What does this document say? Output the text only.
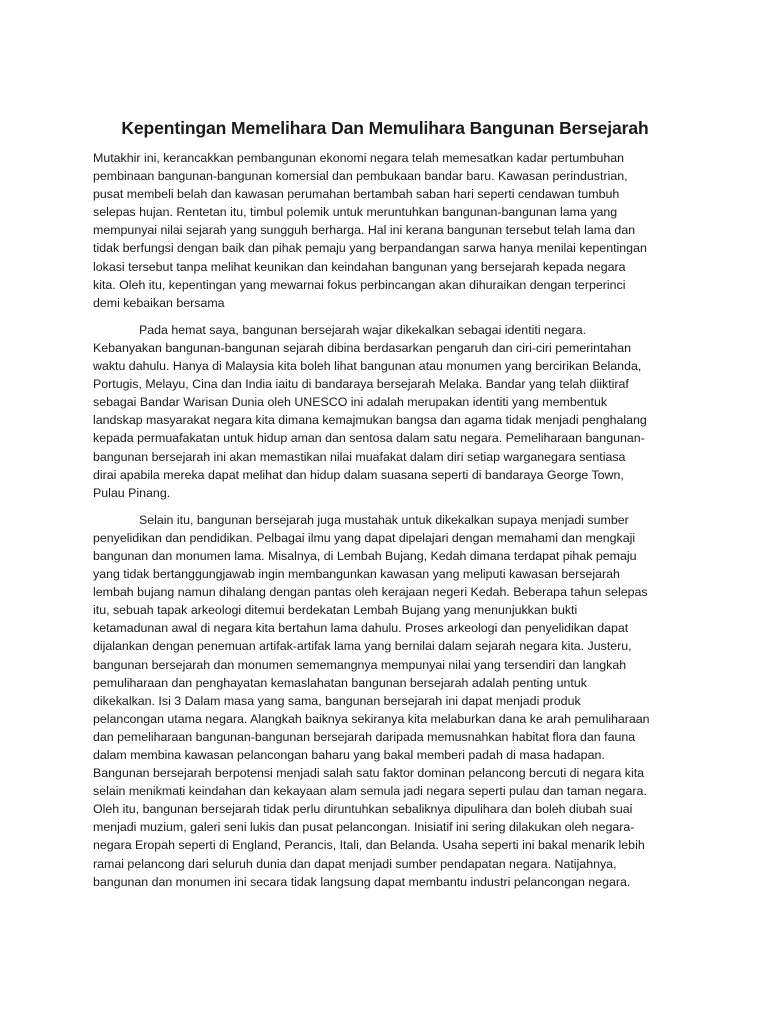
Kepentingan Memelihara Dan Memulihara Bangunan Bersejarah
Mutakhir ini, kerancakkan pembangunan ekonomi negara telah memesatkan kadar pertumbuhan
pembinaan bangunan-bangunan komersial dan pembukaan bandar baru. Kawasan perindustrian,
pusat membeli belah dan kawasan perumahan bertambah saban hari seperti cendawan tumbuh
selepas hujan. Rentetan itu, timbul polemik untuk meruntuhkan bangunan-bangunan lama yang
mempunyai nilai sejarah yang sungguh berharga. Hal ini kerana bangunan tersebut telah lama dan
tidak berfungsi dengan baik dan pihak pemaju yang berpandangan sarwa hanya menilai kepentingan
lokasi tersebut tanpa melihat keunikan dan keindahan bangunan yang bersejarah kepada negara
kita. Oleh itu, kepentingan yang mewarnai fokus perbincangan akan dihuraikan dengan terperinci
demi kebaikan bersama
Pada hemat saya, bangunan bersejarah wajar dikekalkan sebagai identiti negara.
Kebanyakan bangunan-bangunan sejarah dibina berdasarkan pengaruh dan ciri-ciri pemerintahan
waktu dahulu. Hanya di Malaysia kita boleh lihat bangunan atau monumen yang bercirikan Belanda,
Portugis, Melayu, Cina dan India iaitu di bandaraya bersejarah Melaka. Bandar yang telah diiktiraf
sebagai Bandar Warisan Dunia oleh UNESCO ini adalah merupakan identiti yang membentuk
landskap masyarakat negara kita dimana kemajmukan bangsa dan agama tidak menjadi penghalang
kepada permuafakatan untuk hidup aman dan sentosa dalam satu negara. Pemeliharaan bangunan-
bangunan bersejarah ini akan memastikan nilai muafakat dalam diri setiap warganegara sentiasa
dirai apabila mereka dapat melihat dan hidup dalam suasana seperti di bandaraya George Town,
Pulau Pinang.
Selain itu, bangunan bersejarah juga mustahak untuk dikekalkan supaya menjadi sumber
penyelidikan dan pendidikan. Pelbagai ilmu yang dapat dipelajari dengan memahami dan mengkaji
bangunan dan monumen lama. Misalnya, di Lembah Bujang, Kedah dimana terdapat pihak pemaju
yang tidak bertanggungjawab ingin membangunkan kawasan yang meliputi kawasan bersejarah
lembah bujang namun dihalang dengan pantas oleh kerajaan negeri Kedah. Beberapa tahun selepas
itu, sebuah tapak arkeologi ditemui berdekatan Lembah Bujang yang menunjukkan bukti
ketamadunan awal di negara kita bertahun lama dahulu. Proses arkeologi dan penyelidikan dapat
dijalankan dengan penemuan artifak-artifak lama yang bernilai dalam sejarah negara kita. Justeru,
bangunan bersejarah dan monumen sememangnya mempunyai nilai yang tersendiri dan langkah
pemuliharaan dan penghayatan kemaslahatan bangunan bersejarah adalah penting untuk
dikekalkan. Isi 3 Dalam masa yang sama, bangunan bersejarah ini dapat menjadi produk
pelancongan utama negara. Alangkah baiknya sekiranya kita melaburkan dana ke arah pemuliharaan
dan pemeliharaan bangunan-bangunan bersejarah daripada memusnahkan habitat flora dan fauna
dalam membina kawasan pelancongan baharu yang bakal memberi padah di masa hadapan.
Bangunan bersejarah berpotensi menjadi salah satu faktor dominan pelancong bercuti di negara kita
selain menikmati keindahan dan kekayaan alam semula jadi negara seperti pulau dan taman negara.
Oleh itu, bangunan bersejarah tidak perlu diruntuhkan sebaliknya dipulihara dan boleh diubah suai
menjadi muzium, galeri seni lukis dan pusat pelancongan. Inisiatif ini sering dilakukan oleh negara-
negara Eropah seperti di England, Perancis, Itali, dan Belanda. Usaha seperti ini bakal menarik lebih
ramai pelancong dari seluruh dunia dan dapat menjadi sumber pendapatan negara. Natijahnya,
bangunan dan monumen ini secara tidak langsung dapat membantu industri pelancongan negara.
